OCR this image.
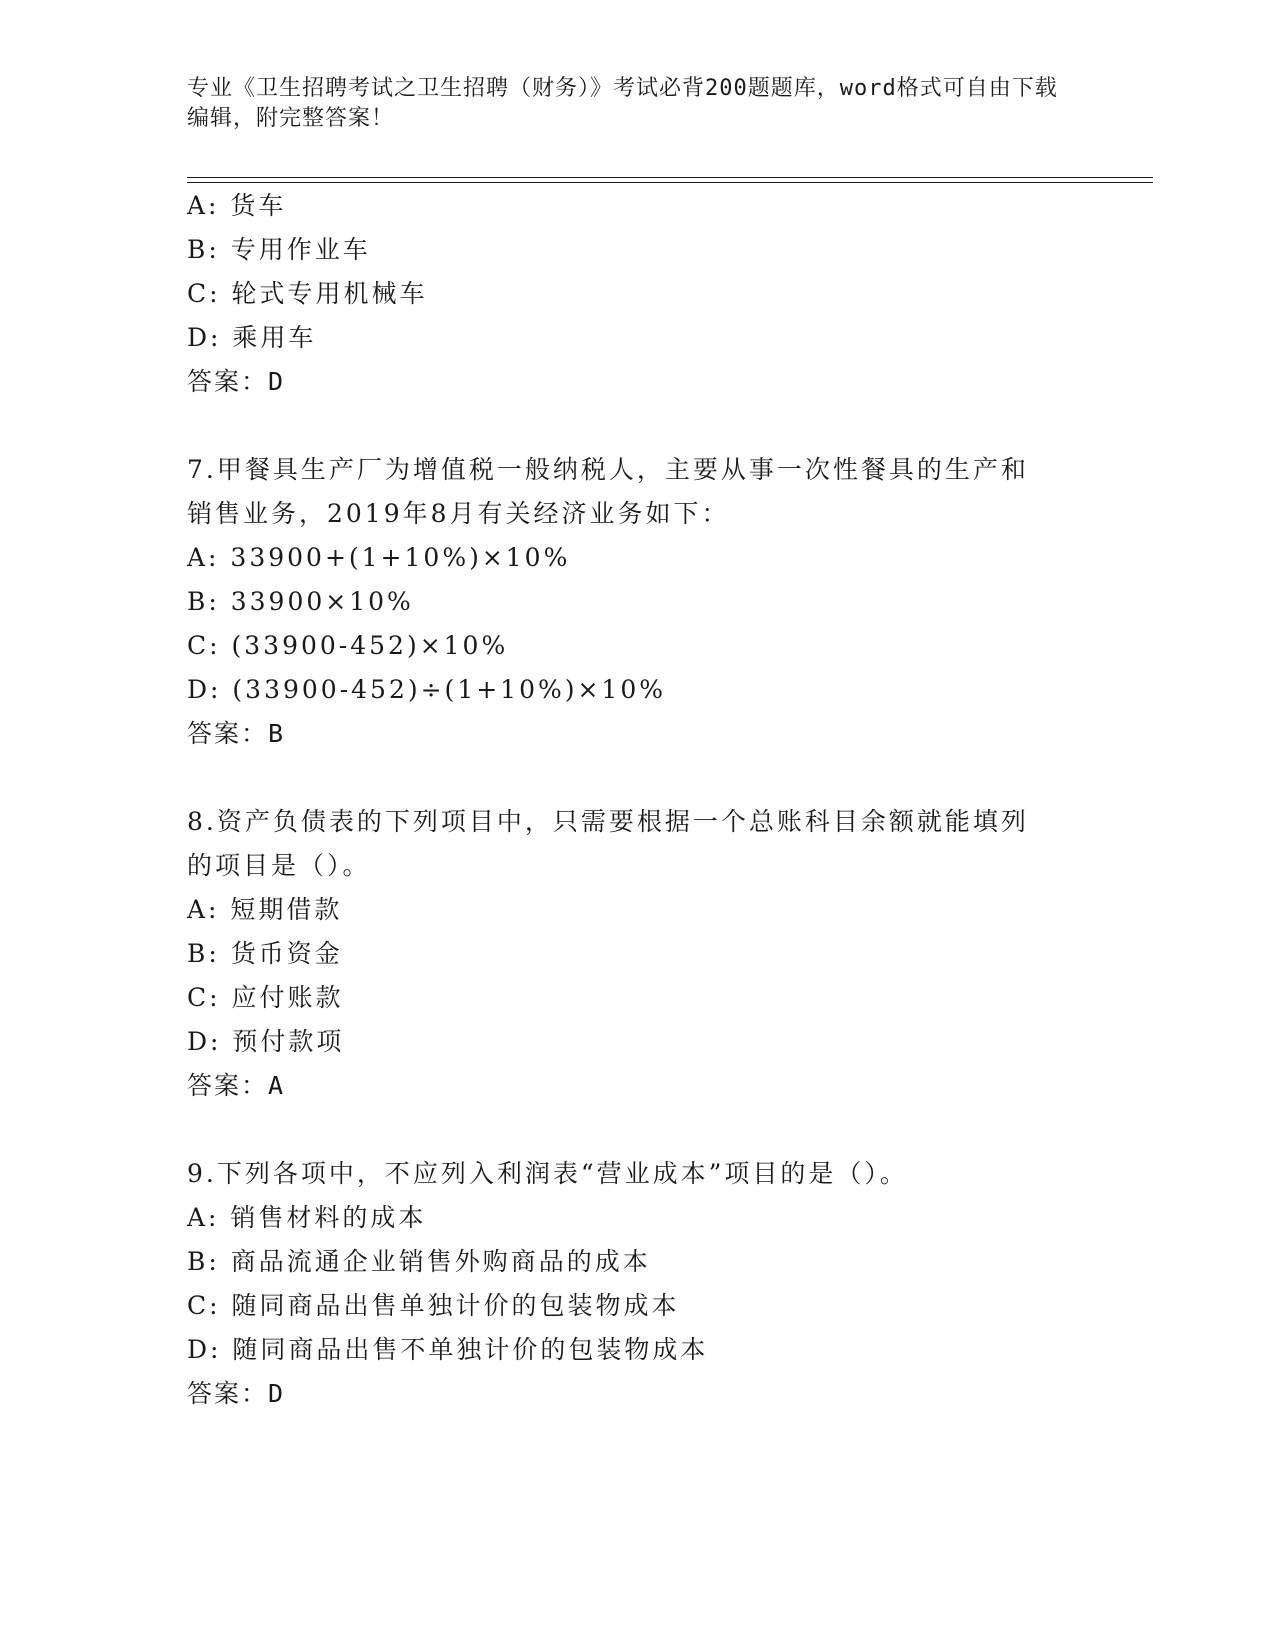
专业《卫生招聘考试之卫生招聘（财务）》考试必背200题题库，word格式可自由下载编辑，附完整答案！
A: 货车
B: 专用作业车
C: 轮式专用机械车
D: 乘用车
答案：D
7.甲餐具生产厂为增值税一般纳税人，主要从事一次性餐具的生产和
销售业务，2019年8月有关经济业务如下：
A: 33900+(1+10%)×10%
B: 33900×10%
C: (33900-452)×10%
D: (33900-452)÷(1+10%)×10%
答案：B
8.资产负债表的下列项目中，只需要根据一个总账科目余额就能填列
的项目是（）。
A: 短期借款
B: 货币资金
C: 应付账款
D: 预付款项
答案：A
9.下列各项中，不应列入利润表“营业成本”项目的是（）。
A: 销售材料的成本
B: 商品流通企业销售外购商品的成本
C: 随同商品出售单独计价的包装物成本
D: 随同商品出售不单独计价的包装物成本
答案：D
